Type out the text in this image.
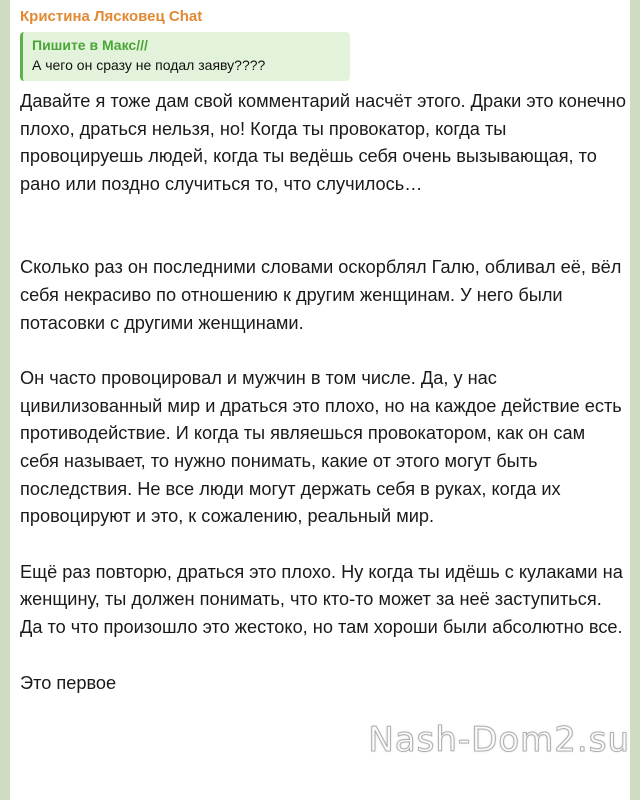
Кристина Лясковец Chat
Пишите в Макс///
А чего он сразу не подал заяву????

Давайте я тоже дам свой комментарий насчёт этого. Драки это конечно плохо, драться нельзя, но! Когда ты провокатор, когда ты провоцируешь людей, когда ты ведёшь себя очень вызывающая, то рано или поздно случиться то, что случилось…

Сколько раз он последними словами оскорблял Галю, обливал её, вёл себя некрасиво по отношению к другим женщинам. У него были потасовки с другими женщинами.

Он часто провоцировал и мужчин в том числе. Да, у нас цивилизованный мир и драться это плохо, но на каждое действие есть противодействие. И когда ты являешься провокатором, как он сам себя называет, то нужно понимать, какие от этого могут быть последствия. Не все люди могут держать себя в руках, когда их провоцируют и это, к сожалению, реальный мир.

Ещё раз повторю, драться это плохо. Ну когда ты идёшь с кулаками на женщину, ты должен понимать, что кто-то может за неё заступиться. Да то что произошло это жестоко, но там хороши были абсолютно все.

Это первое

Nash-Dom2.su
